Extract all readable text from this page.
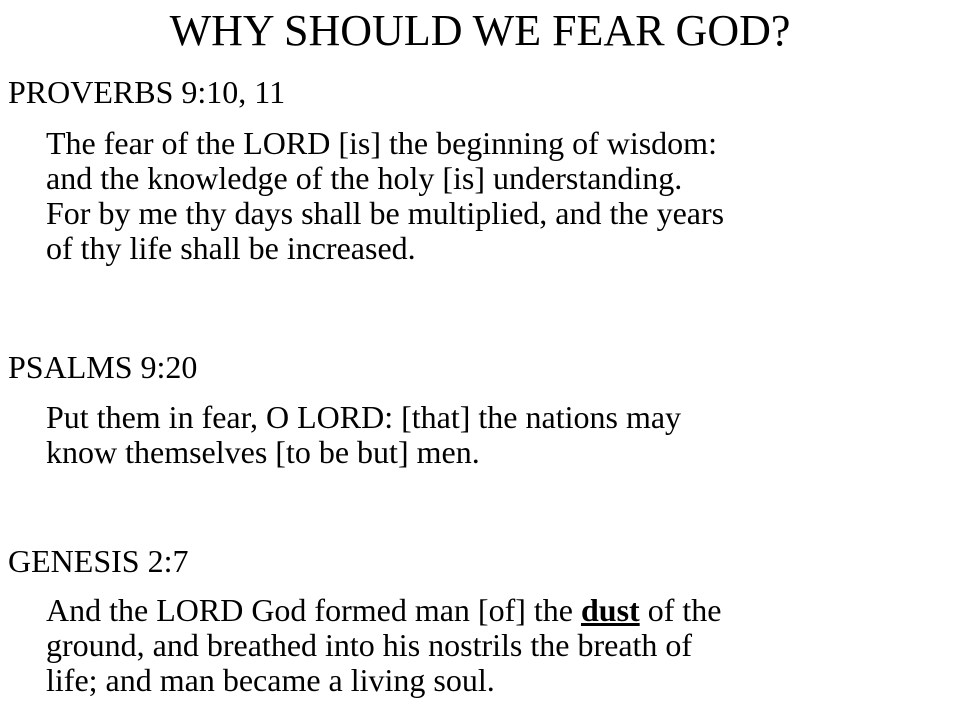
WHY SHOULD WE FEAR GOD?
PROVERBS 9:10, 11
The fear of the LORD [is] the beginning of wisdom:
and the knowledge of the holy [is] understanding.
For by me thy days shall be multiplied, and the years
of thy life shall be increased.
PSALMS 9:20
Put them in fear, O LORD: [that] the nations may
know themselves [to be but] men.
GENESIS 2:7
And the LORD God formed man [of] the dust of the
ground, and breathed into his nostrils the breath of
life; and man became a living soul.
